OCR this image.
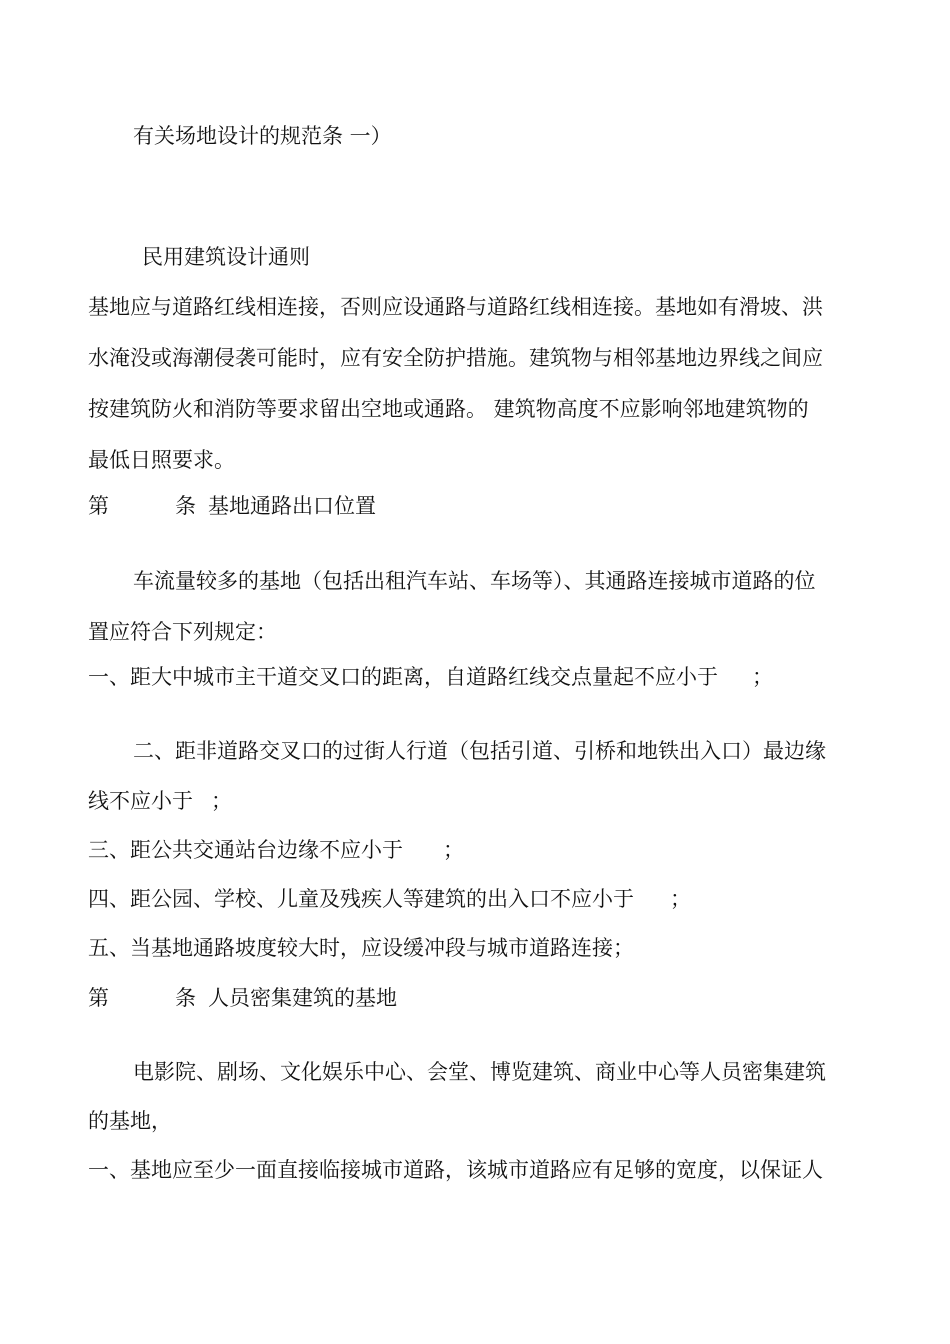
有关场地设计的规范条 一）

民用建筑设计通则

基地应与道路红线相连接，否则应设通路与道路红线相连接。基地如有滑坡、洪

水淹没或海潮侵袭可能时，应有安全防护措施。建筑物与相邻基地边界线之间应

按建筑防火和消防等要求留出空地或通路。 建筑物高度不应影响邻地建筑物的

最低日照要求。

第	条 基地通路出口位置

车流量较多的基地（包括出租汽车站、车场等）、其通路连接城市道路的位

置应符合下列规定：

一、距大中城市主干道交叉口的距离，自道路红线交点量起不应小于 ；

二、距非道路交叉口的过街人行道（包括引道、引桥和地铁出入口）最边缘

线不应小于 ；

三、距公共交通站台边缘不应小于 ；

四、距公园、学校、儿童及残疾人等建筑的出入口不应小于 ；

五、当基地通路坡度较大时，应设缓冲段与城市道路连接；

第	条 人员密集建筑的基地

电影院、剧场、文化娱乐中心、会堂、博览建筑、商业中心等人员密集建筑

的基地，

一、基地应至少一面直接临接城市道路，该城市道路应有足够的宽度，以保证人
